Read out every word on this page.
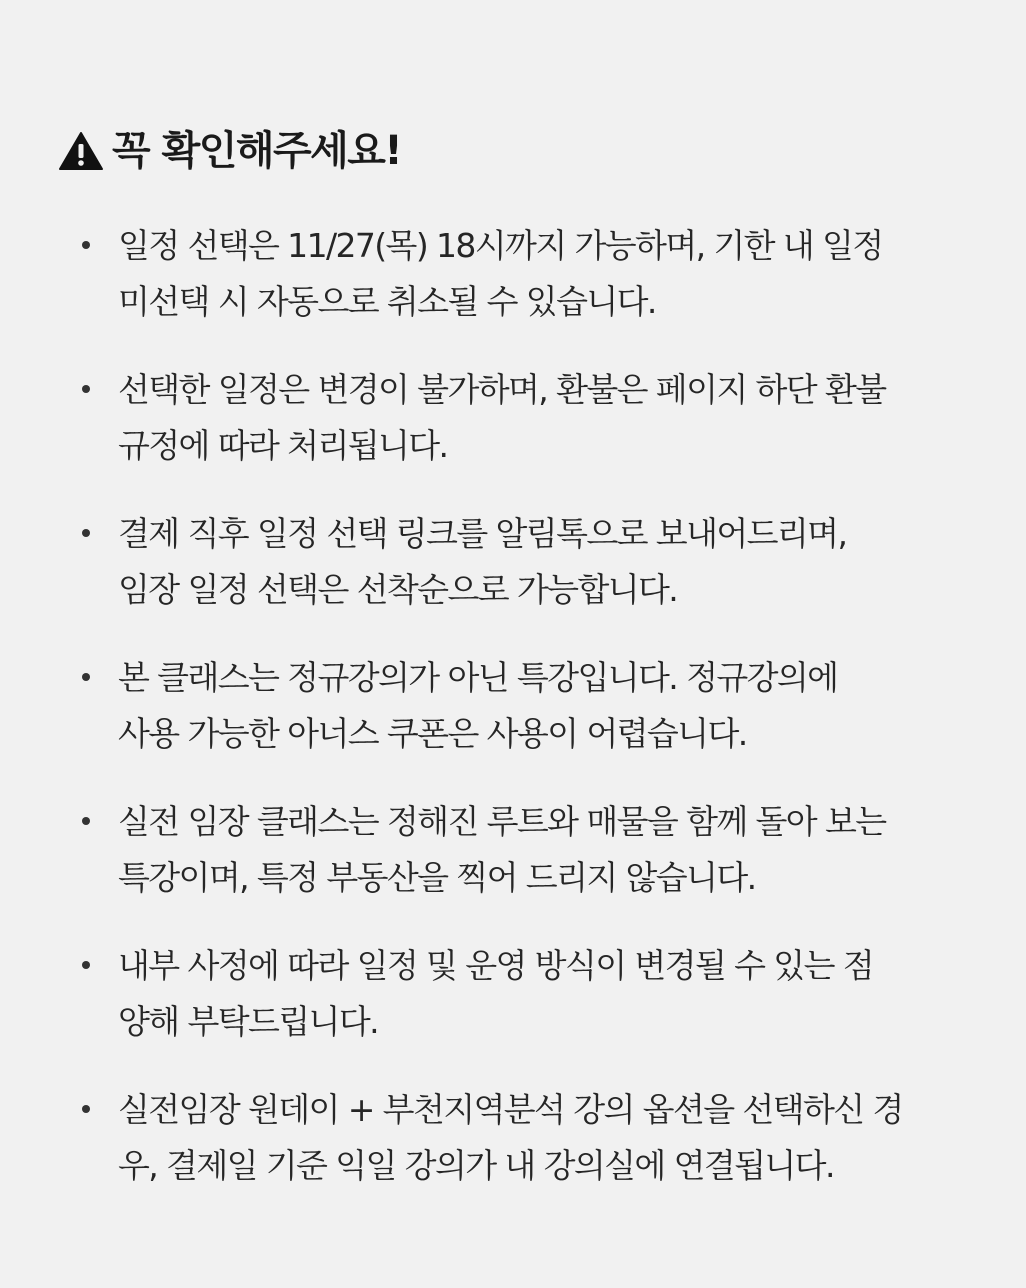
꼭 확인해주세요!
일정 선택은 11/27(목) 18시까지 가능하며, 기한 내 일정
미선택 시 자동으로 취소될 수 있습니다.
선택한 일정은 변경이 불가하며, 환불은 페이지 하단 환불
규정에 따라 처리됩니다.
결제 직후 일정 선택 링크를 알림톡으로 보내어드리며,
임장 일정 선택은 선착순으로 가능합니다.
본 클래스는 정규강의가 아닌 특강입니다. 정규강의에
사용 가능한 아너스 쿠폰은 사용이 어렵습니다.
실전 임장 클래스는 정해진 루트와 매물을 함께 돌아 보는
특강이며, 특정 부동산을 찍어 드리지 않습니다.
내부 사정에 따라 일정 및 운영 방식이 변경될 수 있는 점
양해 부탁드립니다.
실전임장 원데이 + 부천지역분석 강의 옵션을 선택하신 경
우, 결제일 기준 익일 강의가 내 강의실에 연결됩니다.
